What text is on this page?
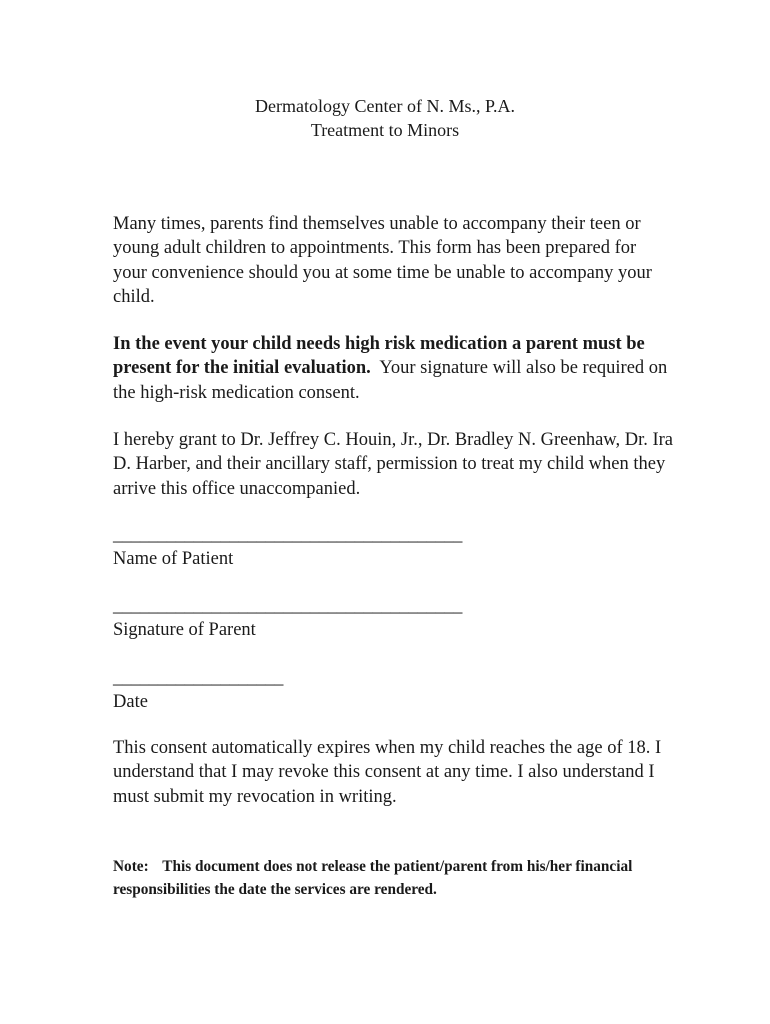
Dermatology Center of N. Ms., P.A.
Treatment to Minors

Many times, parents find themselves unable to accompany their teen or young adult children to appointments. This form has been prepared for your convenience should you at some time be unable to accompany your child.

In the event your child needs high risk medication a parent must be present for the initial evaluation. Your signature will also be required on the high-risk medication consent.

I hereby grant to Dr. Jeffrey C. Houin, Jr., Dr. Bradley N. Greenhaw, Dr. Ira D. Harber, and their ancillary staff, permission to treat my child when they arrive this office unaccompanied.

_______________________________________
Name of Patient
_______________________________________
Signature of Parent
___________________
Date

This consent automatically expires when my child reaches the age of 18. I understand that I may revoke this consent at any time. I also understand I must submit my revocation in writing.

Note: This document does not release the patient/parent from his/her financial responsibilities the date the services are rendered.
